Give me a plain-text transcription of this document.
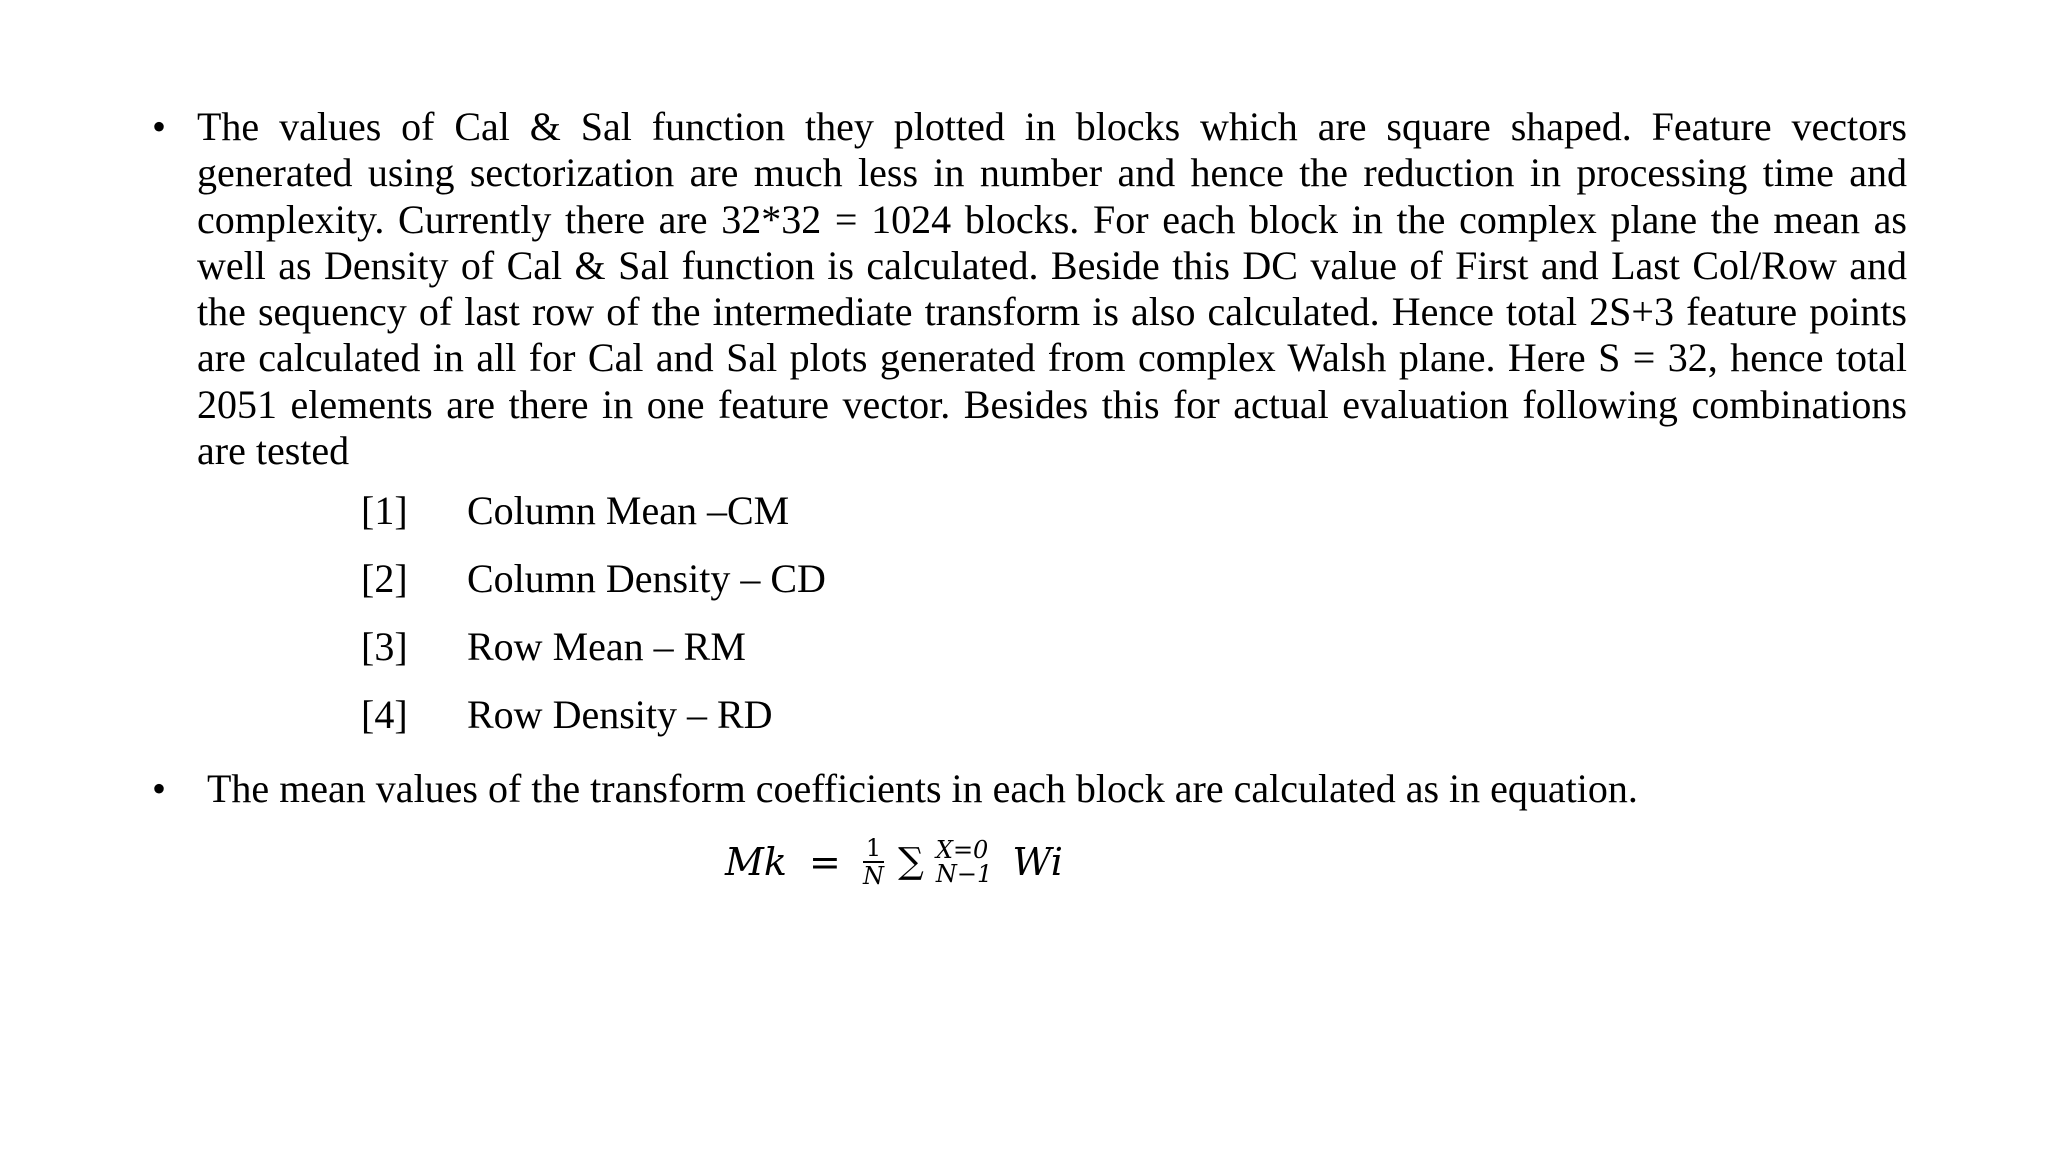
• The values of Cal & Sal function they plotted in blocks which are square shaped. Feature vectors generated using sectorization are much less in number and hence the reduction in processing time and complexity. Currently there are 32*32 = 1024 blocks. For each block in the complex plane the mean as well as Density of Cal & Sal function is calculated. Beside this DC value of First and Last Col/Row and the sequency of last row of the intermediate transform is also calculated. Hence total 2S+3 feature points are calculated in all for Cal and Sal plots generated from complex Walsh plane. Here S = 32, hence total 2051 elements are there in one feature vector. Besides this for actual evaluation following combinations are tested
[1] Column Mean –CM
[2] Column Density – CD
[3] Row Mean – RM
[4] Row Density – RD
• The mean values of the transform coefficients in each block are calculated as in equation.
$Mk = \frac{1}{N}$ ∑ X=0
N−1 Wi
